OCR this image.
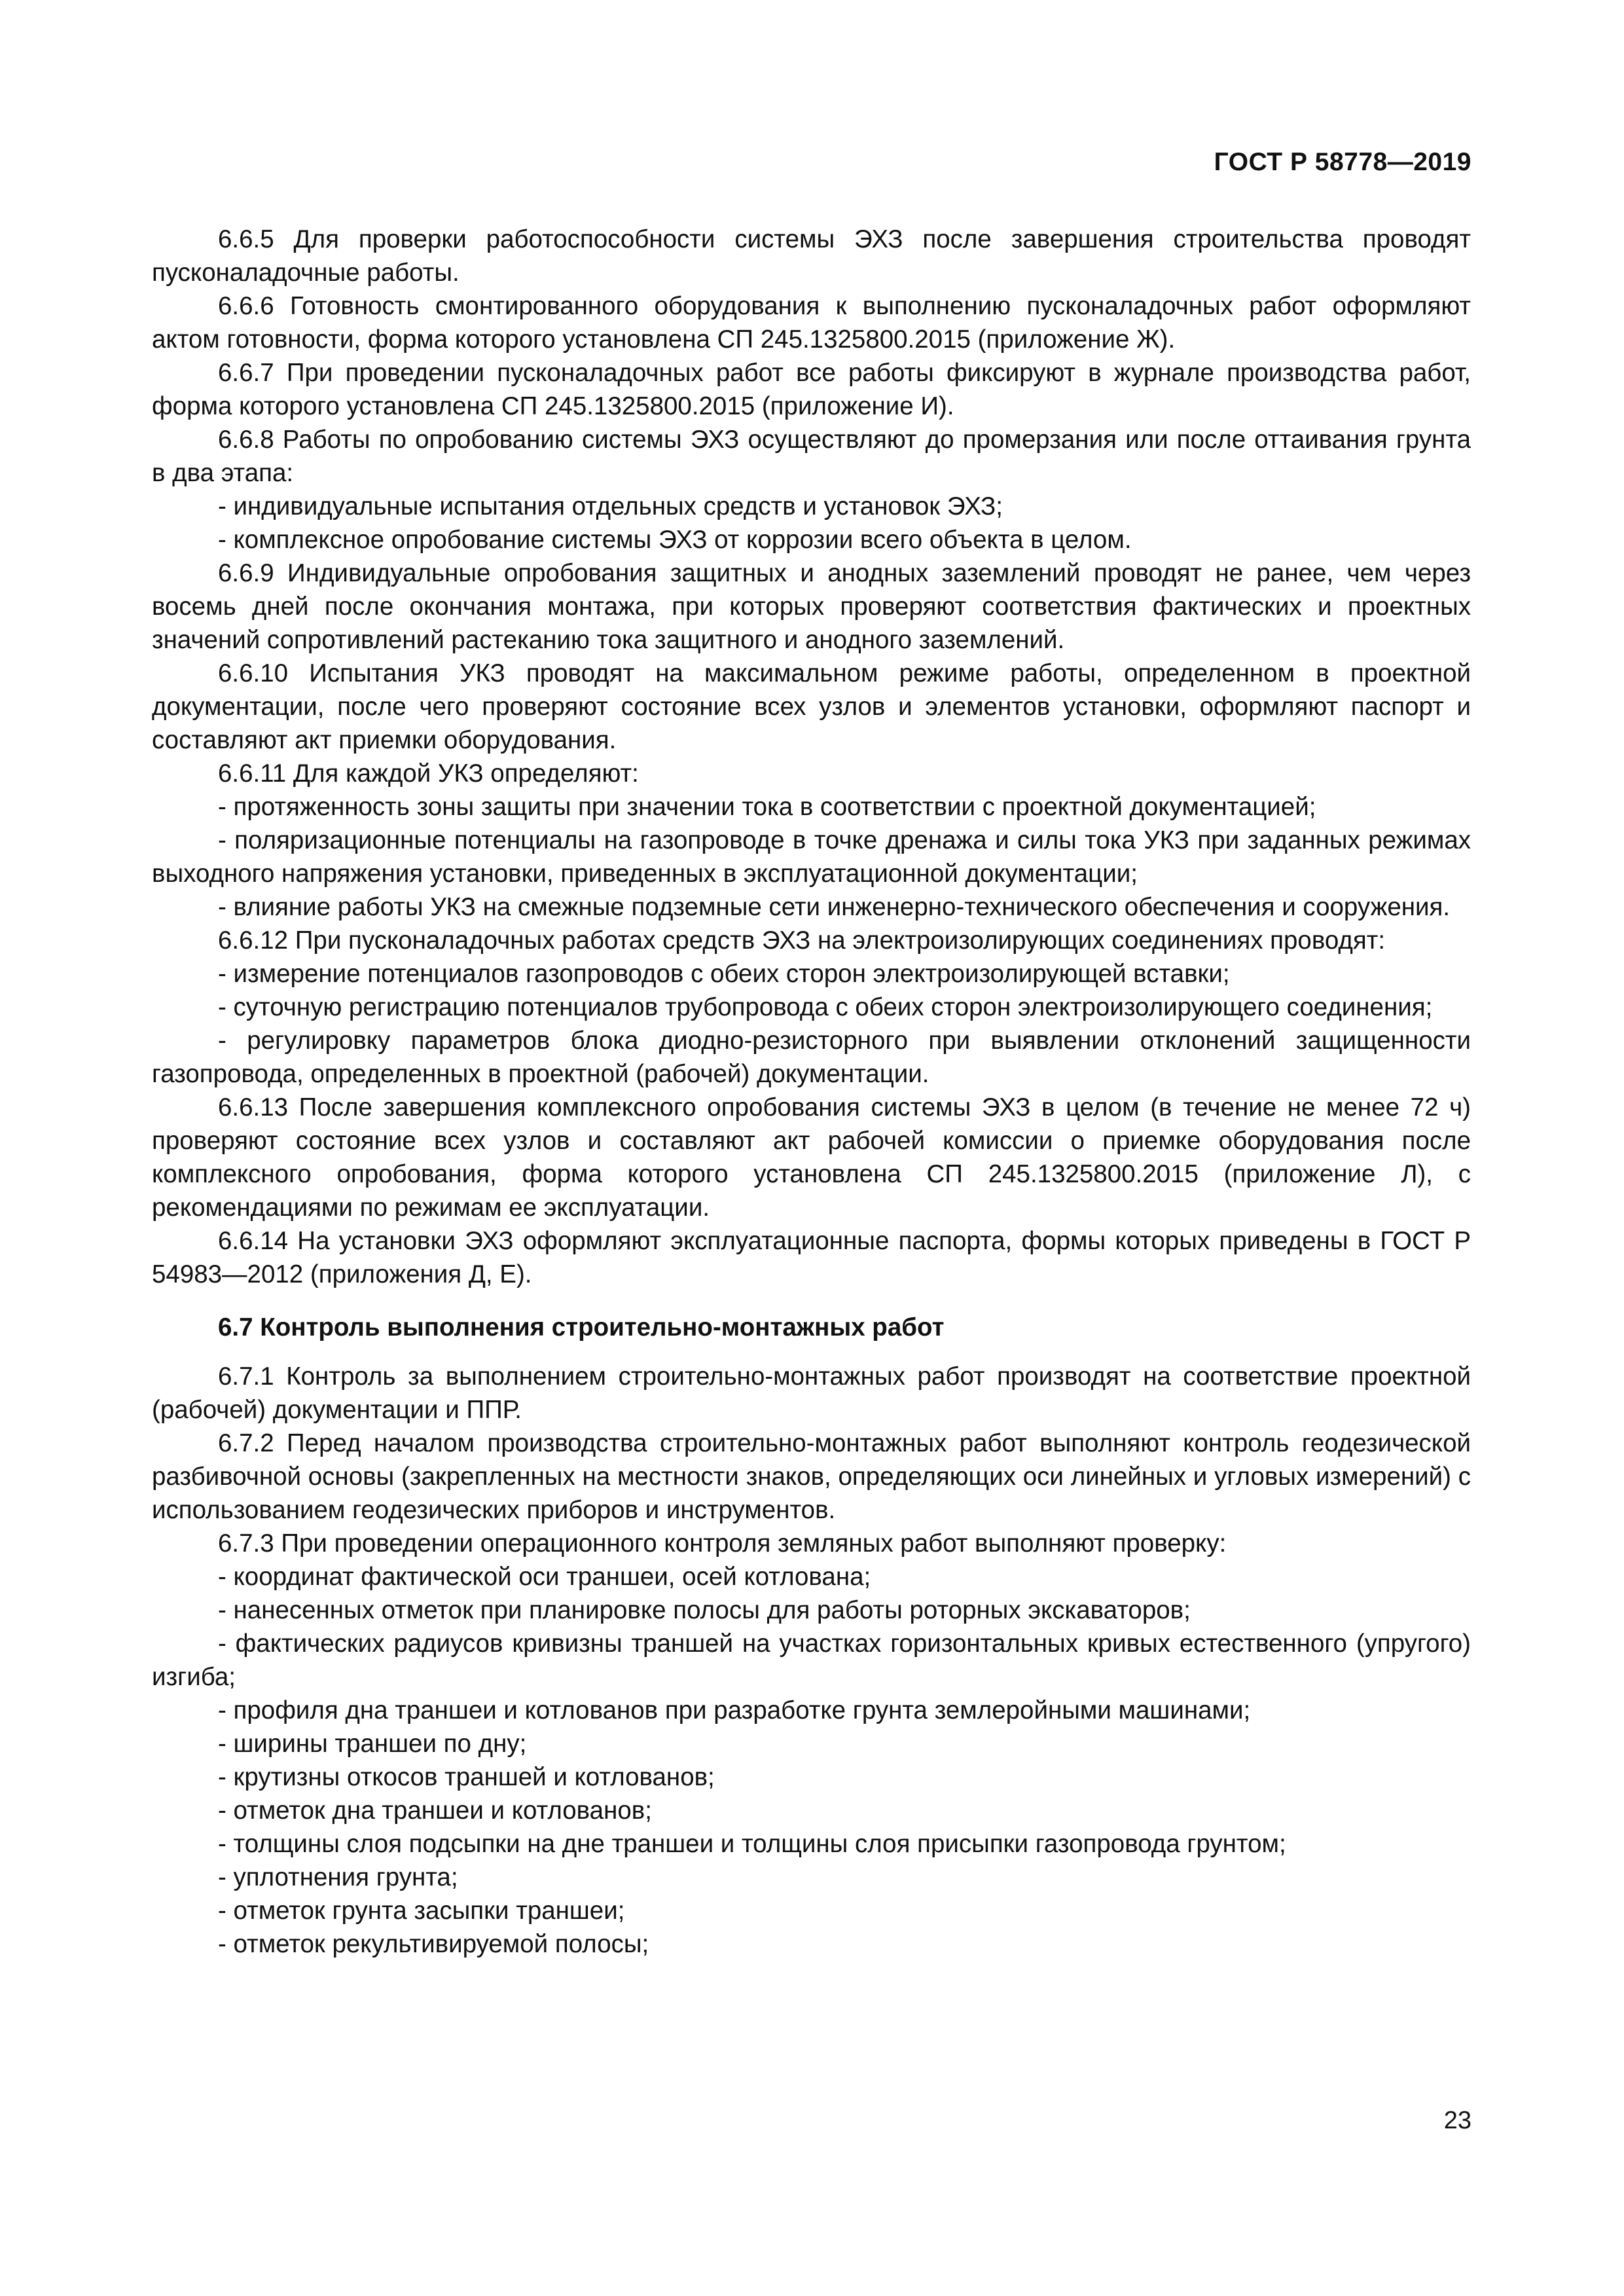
ГОСТ Р 58778—2019
6.6.5 Для проверки работоспособности системы ЭХЗ после завершения строительства проводят пусконаладочные работы.
6.6.6 Готовность смонтированного оборудования к выполнению пусконаладочных работ оформляют актом готовности, форма которого установлена СП 245.1325800.2015 (приложение Ж).
6.6.7 При проведении пусконаладочных работ все работы фиксируют в журнале производства работ, форма которого установлена СП 245.1325800.2015 (приложение И).
6.6.8 Работы по опробованию системы ЭХЗ осуществляют до промерзания или после оттаивания грунта в два этапа:
- индивидуальные испытания отдельных средств и установок ЭХЗ;
- комплексное опробование системы ЭХЗ от коррозии всего объекта в целом.
6.6.9 Индивидуальные опробования защитных и анодных заземлений проводят не ранее, чем через восемь дней после окончания монтажа, при которых проверяют соответствия фактических и проектных значений сопротивлений растеканию тока защитного и анодного заземлений.
6.6.10 Испытания УКЗ проводят на максимальном режиме работы, определенном в проектной документации, после чего проверяют состояние всех узлов и элементов установки, оформляют паспорт и составляют акт приемки оборудования.
6.6.11 Для каждой УКЗ определяют:
- протяженность зоны защиты при значении тока в соответствии с проектной документацией;
- поляризационные потенциалы на газопроводе в точке дренажа и силы тока УКЗ при заданных режимах выходного напряжения установки, приведенных в эксплуатационной документации;
- влияние работы УКЗ на смежные подземные сети инженерно-технического обеспечения и сооружения.
6.6.12 При пусконаладочных работах средств ЭХЗ на электроизолирующих соединениях проводят:
- измерение потенциалов газопроводов с обеих сторон электроизолирующей вставки;
- суточную регистрацию потенциалов трубопровода с обеих сторон электроизолирующего соединения;
- регулировку параметров блока диодно-резисторного при выявлении отклонений защищенности газопровода, определенных в проектной (рабочей) документации.
6.6.13 После завершения комплексного опробования системы ЭХЗ в целом (в течение не менее 72 ч) проверяют состояние всех узлов и составляют акт рабочей комиссии о приемке оборудования после комплексного опробования, форма которого установлена СП 245.1325800.2015 (приложение Л), с рекомендациями по режимам ее эксплуатации.
6.6.14 На установки ЭХЗ оформляют эксплуатационные паспорта, формы которых приведены в ГОСТ Р 54983—2012 (приложения Д, Е).
6.7 Контроль выполнения строительно-монтажных работ
6.7.1 Контроль за выполнением строительно-монтажных работ производят на соответствие проектной (рабочей) документации и ППР.
6.7.2 Перед началом производства строительно-монтажных работ выполняют контроль геодезической разбивочной основы (закрепленных на местности знаков, определяющих оси линейных и угловых измерений) с использованием геодезических приборов и инструментов.
6.7.3 При проведении операционного контроля земляных работ выполняют проверку:
- координат фактической оси траншеи, осей котлована;
- нанесенных отметок при планировке полосы для работы роторных экскаваторов;
- фактических радиусов кривизны траншей на участках горизонтальных кривых естественного (упругого) изгиба;
- профиля дна траншеи и котлованов при разработке грунта землеройными машинами;
- ширины траншеи по дну;
- крутизны откосов траншей и котлованов;
- отметок дна траншеи и котлованов;
- толщины слоя подсыпки на дне траншеи и толщины слоя присыпки газопровода грунтом;
- уплотнения грунта;
- отметок грунта засыпки траншеи;
- отметок рекультивируемой полосы;
23
